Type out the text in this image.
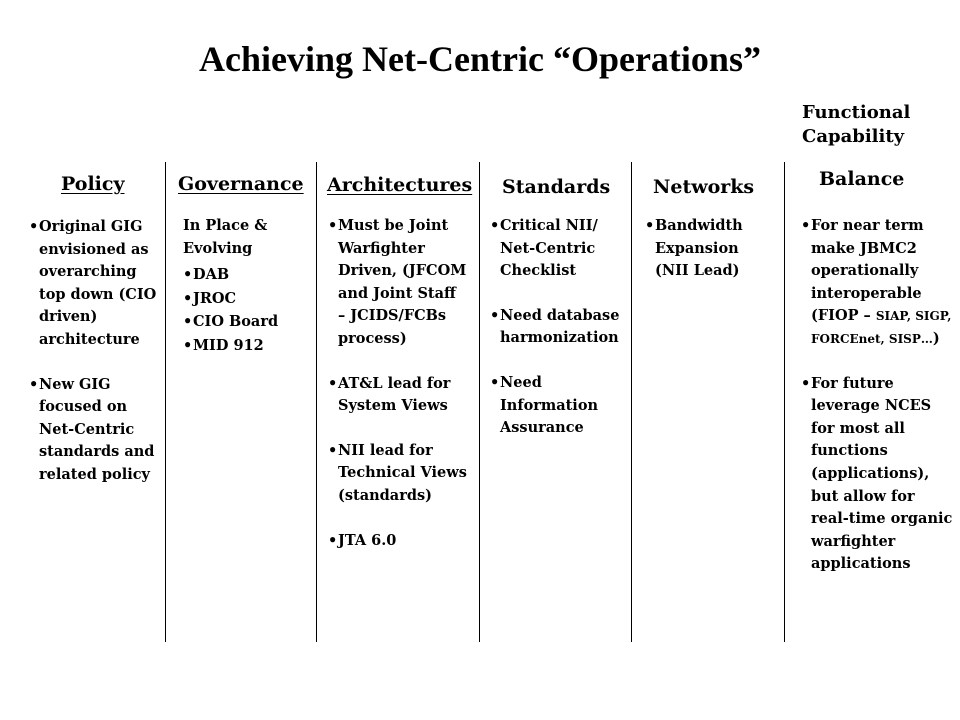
Achieving Net-Centric “Operations”
Functional Capability
Policy	Governance Architectures Standards Networks	Balance
• Original GIG envisioned as overarching top down (CIO driven) architecture
• New GIG focused on Net-Centric standards and related policy
In Place & Evolving
• DAB
• JROC
• CIO Board
• MID 912
• Must be Joint Warfighter Driven, (JFCOM and Joint Staff – JCIDS/FCBs process)
• AT&L lead for System Views
• NII lead for Technical Views (standards)
• JTA 6.0
• Critical NII/ Net-Centric Checklist
• Need database harmonization
• Need Information Assurance
• Bandwidth Expansion (NII Lead)
• For near term make JBMC2 operationally interoperable (FIOP – SIAP, SIGP, FORCEnet, SISP…)
• For future leverage NCES for most all functions (applications), but allow for real-time organic warfighter applications
